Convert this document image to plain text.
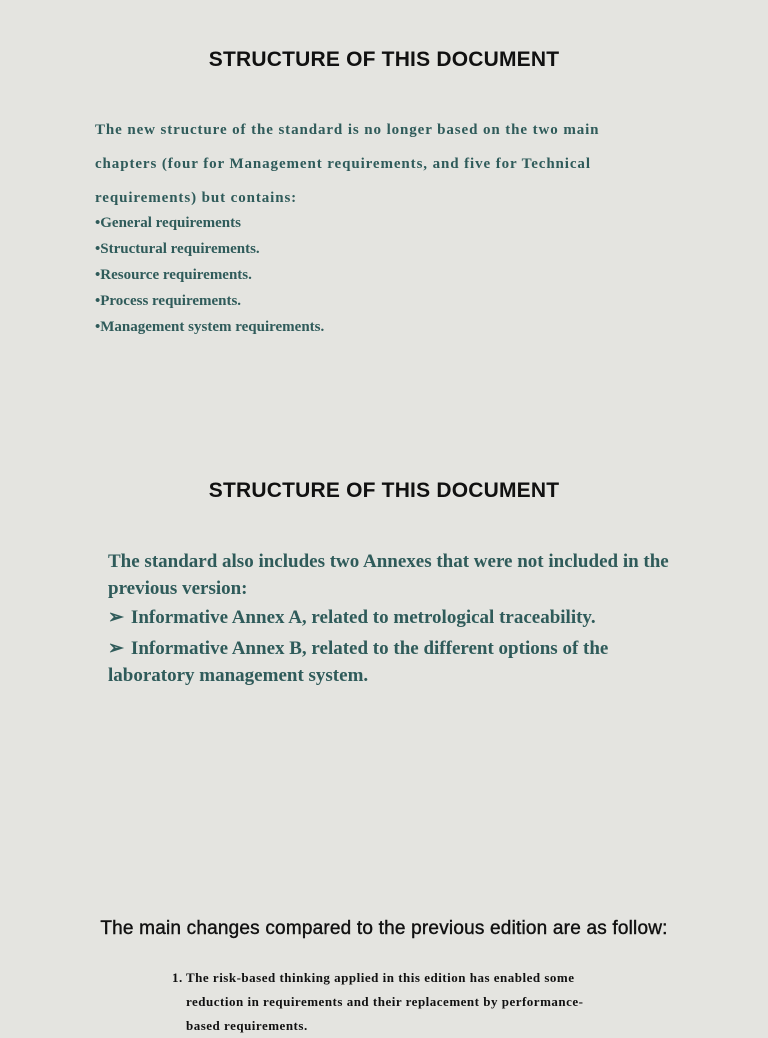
STRUCTURE OF THIS DOCUMENT

The new structure of the standard is no longer based on the two main chapters (four for Management requirements, and five for Technical requirements) but contains:

•General requirements
•Structural requirements.
•Resource requirements.
•Process requirements.
•Management system requirements.
STRUCTURE OF THIS DOCUMENT

The standard also includes two Annexes that were not included in the previous version:

➢ Informative Annex A, related to metrological traceability.
➢ Informative Annex B, related to the different options of the laboratory management system.
The main changes compared to the previous edition are as follow:
1. The risk-based thinking applied in this edition has enabled some
reduction in requirements and their replacement by performance-
based requirements.
